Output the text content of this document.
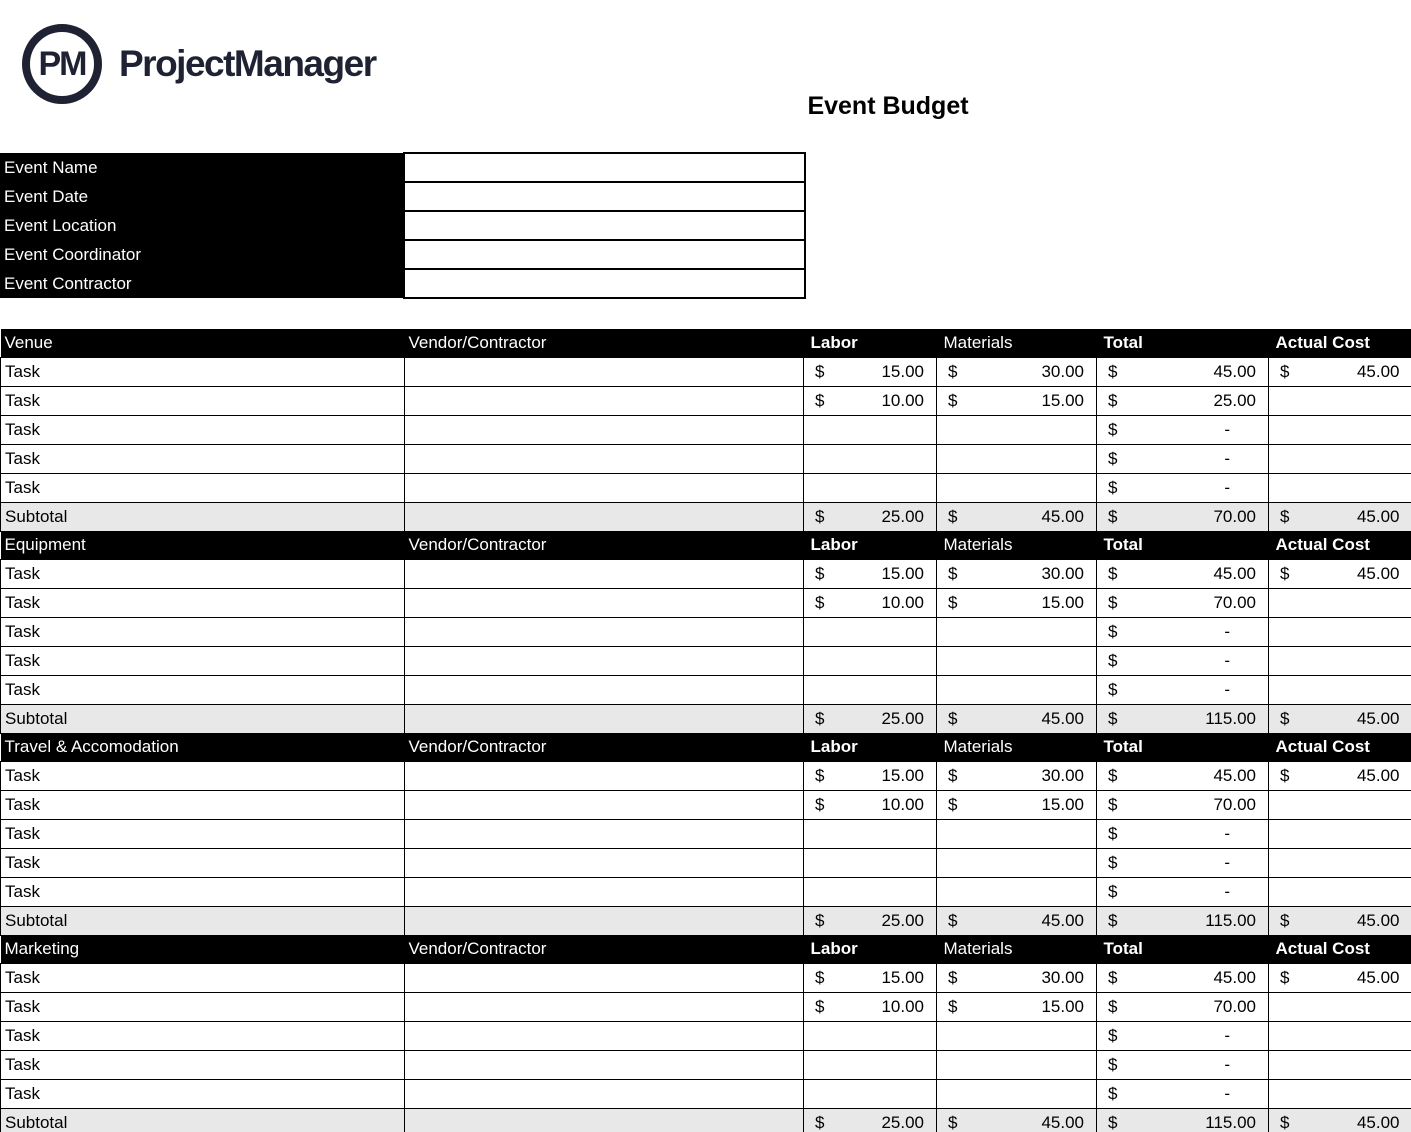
PM ProjectManager
Event Budget
Event Name	
Event Date	
Event Location	
Event Coordinator	
Event Contractor	
Venue	Vendor/Contractor	Labor	Materials	Total	Actual Cost
Task		$ 15.00	$ 30.00	$ 45.00	$ 45.00

Task		$ 10.00	$ 15.00	$ 25.00	

Task				$ -	

Task				$ -	

Task				$ -	

Subtotal		$ 25.00	$ 45.00	$ 70.00	$ 45.00

Equipment	Vendor/Contractor	Labor	Materials	Total	Actual Cost
Task		$ 15.00	$ 30.00	$ 45.00	$ 45.00

Task		$ 10.00	$ 15.00	$ 70.00	

Task				$ -	

Task				$ -	

Task				$ -	

Subtotal		$ 25.00	$ 45.00	$ 115.00	$ 45.00

Travel & Accomodation	Vendor/Contractor	Labor	Materials	Total	Actual Cost
Task		$ 15.00	$ 30.00	$ 45.00	$ 45.00

Task		$ 10.00	$ 15.00	$ 70.00	

Task				$ -	

Task				$ -	

Task				$ -	

Subtotal		$ 25.00	$ 45.00	$ 115.00	$ 45.00

Marketing	Vendor/Contractor	Labor	Materials	Total	Actual Cost
Task		$ 15.00	$ 30.00	$ 45.00	$ 45.00

Task		$ 10.00	$ 15.00	$ 70.00	

Task				$ -	

Task				$ -	

Task				$ -	

Subtotal		$ 25.00	$ 45.00	$ 115.00	$ 45.00
